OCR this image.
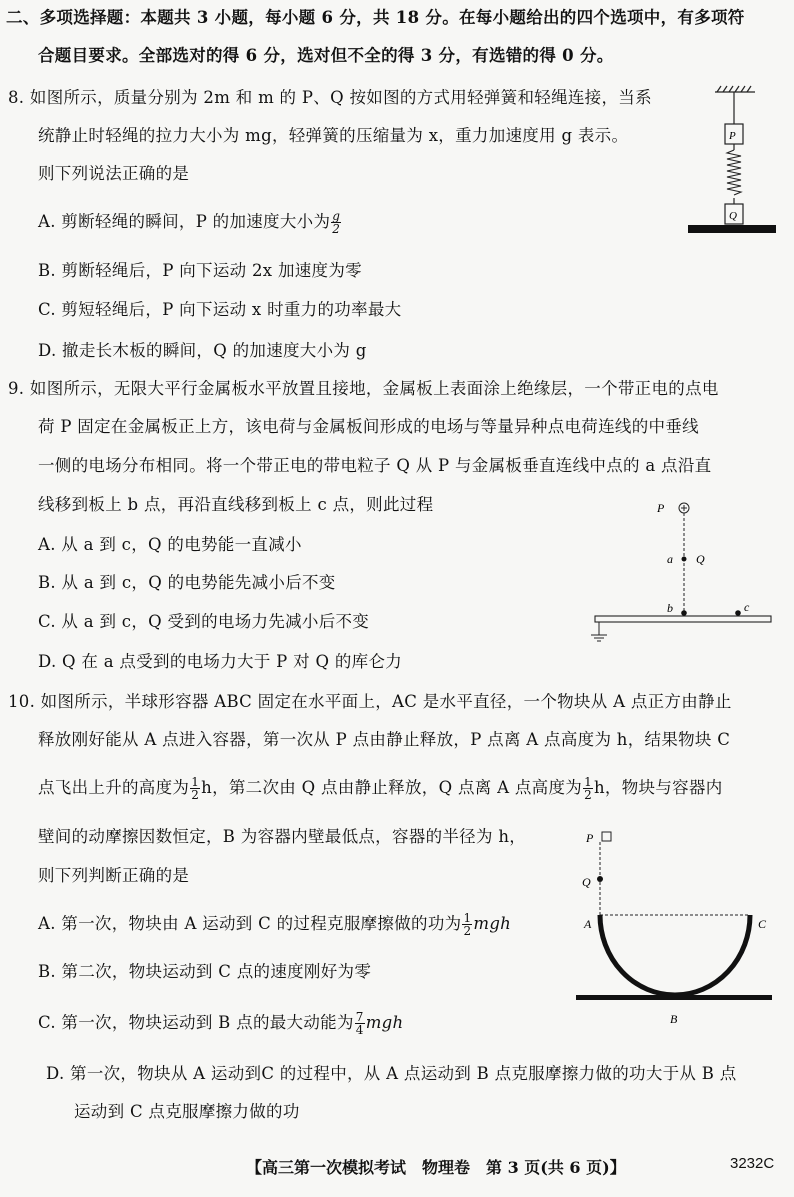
二、多项选择题：本题共 3 小题，每小题 6 分，共 18 分。在每小题给出的四个选项中，有多项符
合题目要求。全部选对的得 6 分，选对但不全的得 3 分，有选错的得 0 分。
8. 如图所示，质量分别为 2m 和 m 的 P、Q 按如图的方式用轻弹簧和轻绳连接，当系
统静止时轻绳的拉力大小为 mg，轻弹簧的压缩量为 x，重力加速度用 g 表示。
则下列说法正确的是
A. 剪断轻绳的瞬间，P 的加速度大小为 $\frac{g}{2}$
B. 剪断轻绳后，P 向下运动 2x 加速度为零
C. 剪短轻绳后，P 向下运动 x 时重力的功率最大
D. 撤走长木板的瞬间，Q 的加速度大小为 g
P
Q
9. 如图所示，无限大平行金属板水平放置且接地，金属板上表面涂上绝缘层，一个带正电的点电
荷 P 固定在金属板正上方，该电荷与金属板间形成的电场与等量异种点电荷连线的中垂线
一侧的电场分布相同。将一个带正电的带电粒子 Q 从 P 与金属板垂直连线中点的 a 点沿直
线移到板上 b 点，再沿直线移到板上 c 点，则此过程
A. 从 a 到 c，Q 的电势能一直减小
B. 从 a 到 c，Q 的电势能先减小后不变
C. 从 a 到 c，Q 受到的电场力先减小后不变
D. Q 在 a 点受到的电场力大于 P 对 Q 的库仑力
P
a Q
b	c
10. 如图所示，半球形容器 ABC 固定在水平面上，AC 是水平直径，一个物块从 A 点正方由静止
释放刚好能从 A 点进入容器，第一次从 P 点由静止释放，P 点离 A 点高度为 h，结果物块 C
点飞出上升的高度为 $\frac{1}{2}$ h，第二次由 Q 点由静止释放，Q 点离 A 点高度为 $\frac{1}{2}$ h，物块与容器内
壁间的动摩擦因数恒定，B 为容器内壁最低点，容器的半径为 h，
则下列判断正确的是
A. 第一次，物块由 A 运动到 C 的过程克服摩擦做的功为 $\frac{1}{2}$ mgh
B. 第二次，物块运动到 C 点的速度刚好为零
C. 第一次，物块运动到 B 点的最大动能为 $\frac{7}{4}$ mgh
D. 第一次，物块从 A 运动到C 的过程中，从 A 点运动到 B 点克服摩擦力做的功大于从 B 点
运动到 C 点克服摩擦力做的功
P
Q
A	C
B
【高三第一次模拟考试　物理卷　第 3 页(共 6 页)】	3232C
